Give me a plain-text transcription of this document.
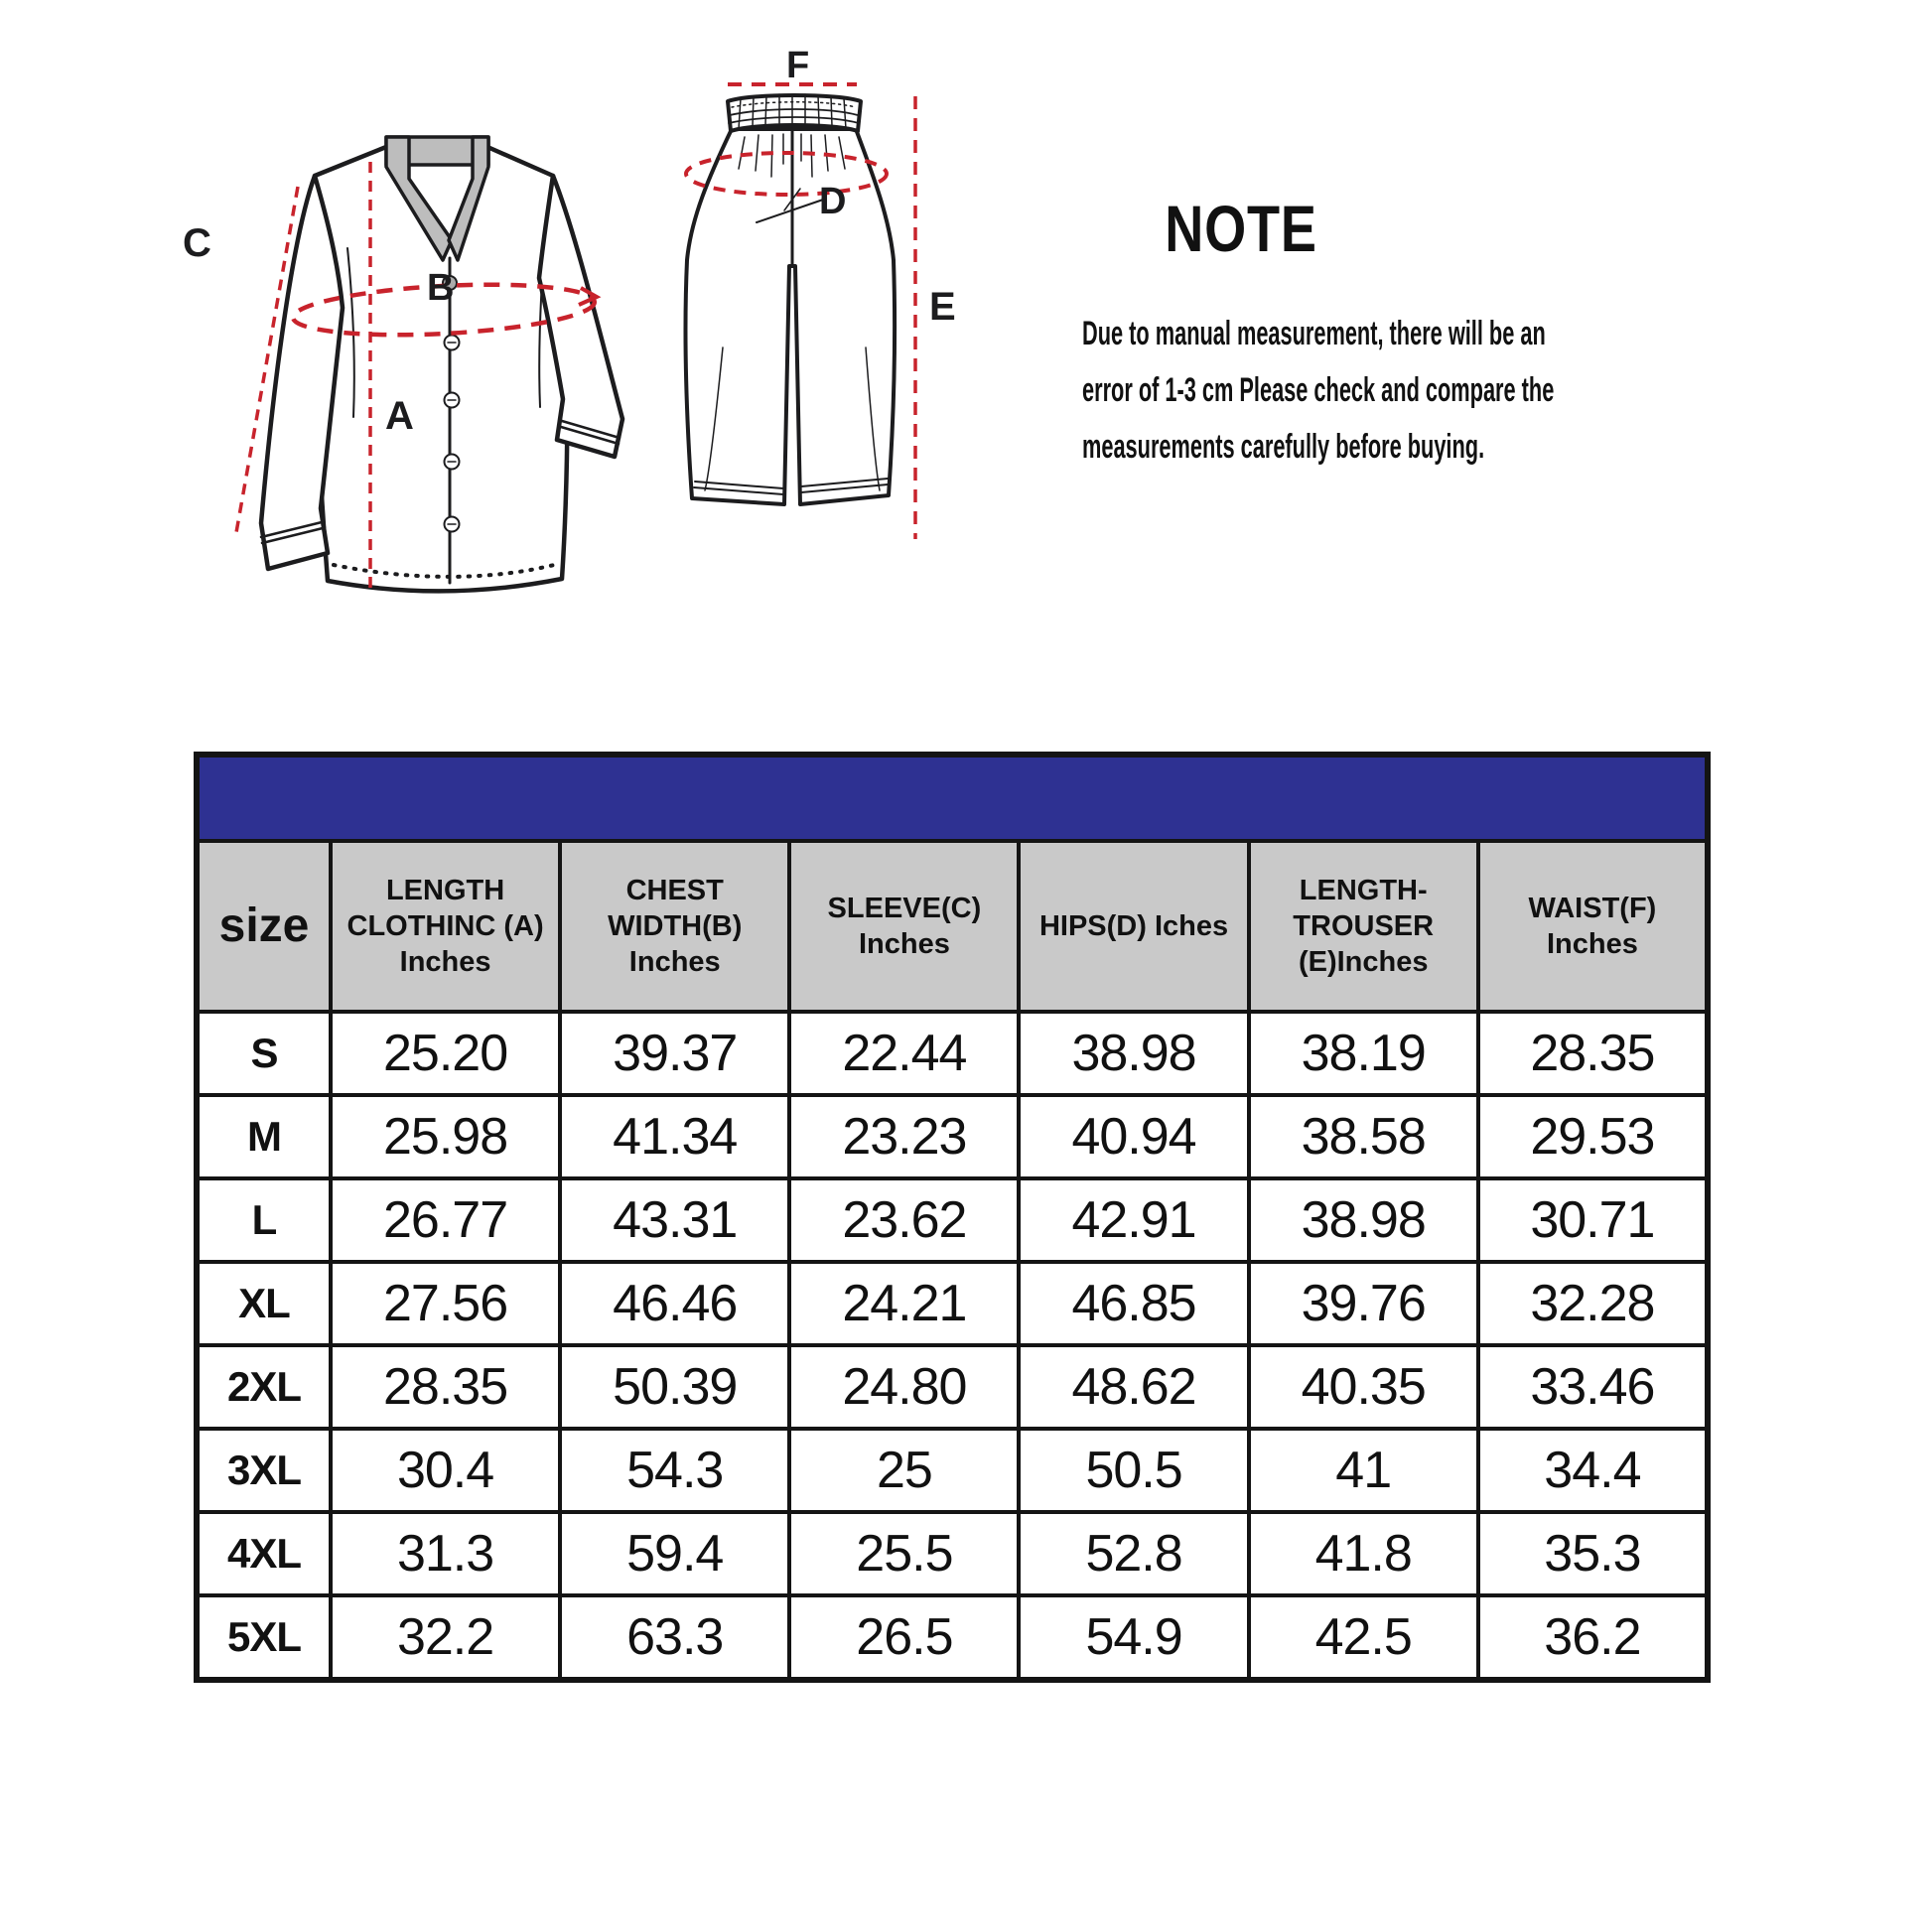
A
B
C
D
E
F
NOTE
Due to manual measurement, there will be an
error of 1-3 cm Please check and compare the
measurements carefully before buying.

size	LENGTH CLOTHINC (A) Inches	CHEST WIDTH(B) Inches	SLEEVE(C) Inches	HIPS(D) Iches	LENGTH- TROUSER (E)Inches	WAIST(F) Inches
S	25.20	39.37	22.44	38.98	38.19	28.35
M	25.98	41.34	23.23	40.94	38.58	29.53
L	26.77	43.31	23.62	42.91	38.98	30.71
XL	27.56	46.46	24.21	46.85	39.76	32.28
2XL	28.35	50.39	24.80	48.62	40.35	33.46
3XL	30.4	54.3	25	50.5	41	34.4
4XL	31.3	59.4	25.5	52.8	41.8	35.3
5XL	32.2	63.3	26.5	54.9	42.5	36.2
